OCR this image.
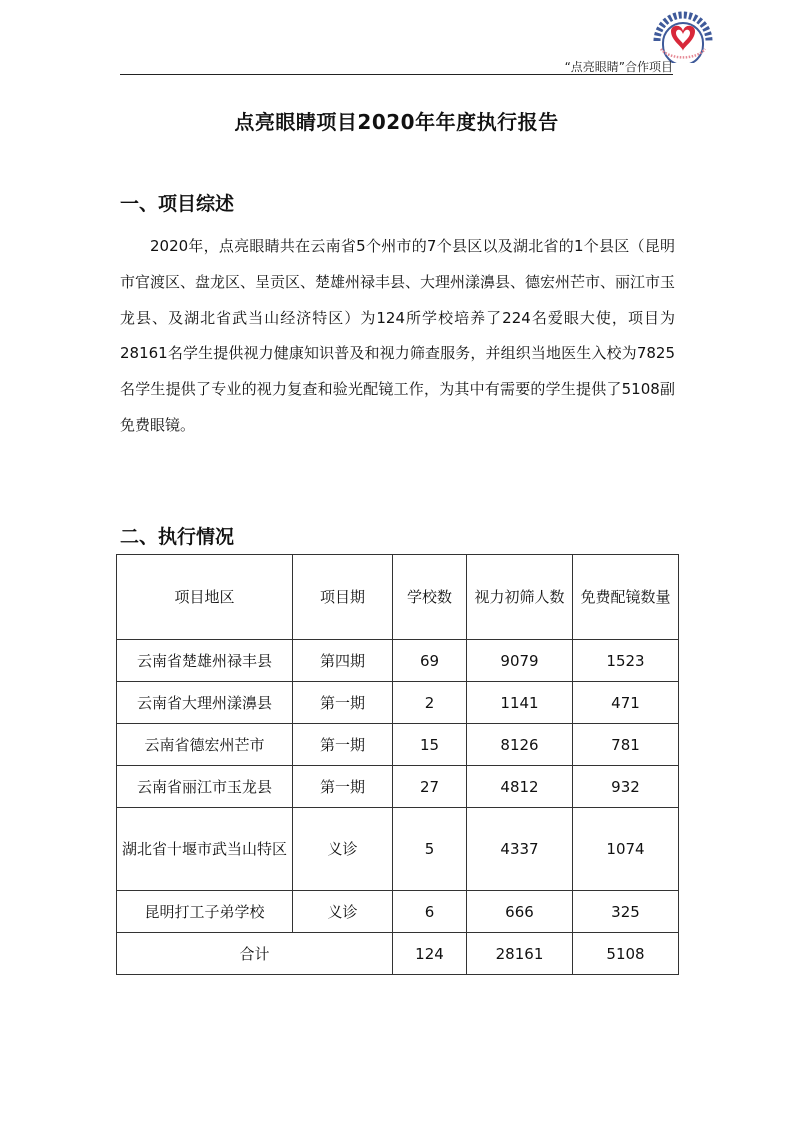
“点亮眼睛”合作项目
点亮眼睛项目2020年年度执行报告
一、项目综述

2020年，点亮眼睛共在云南省5个州市的7个县区以及湖北省的1个县区（昆明市官渡区、盘龙区、呈贡区、楚雄州禄丰县、大理州漾濞县、德宏州芒市、丽江市玉龙县、及湖北省武当山经济特区）为124所学校培养了224名爱眼大使，项目为28161名学生提供视力健康知识普及和视力筛查服务，并组织当地医生入校为7825名学生提供了专业的视力复查和验光配镜工作，为其中有需要的学生提供了5108副免费眼镜。

二、执行情况
项目地区	项目期	学校数	视力初筛人数	免费配镜数量
云南省楚雄州禄丰县	第四期	69	9079	1523
云南省大理州漾濞县	第一期	2	1141	471
云南省德宏州芒市	第一期	15	8126	781
云南省丽江市玉龙县	第一期	27	4812	932
湖北省十堰市武当山特区	义诊	5	4337	1074
昆明打工子弟学校	义诊	6	666	325
合计		124	28161	5108
